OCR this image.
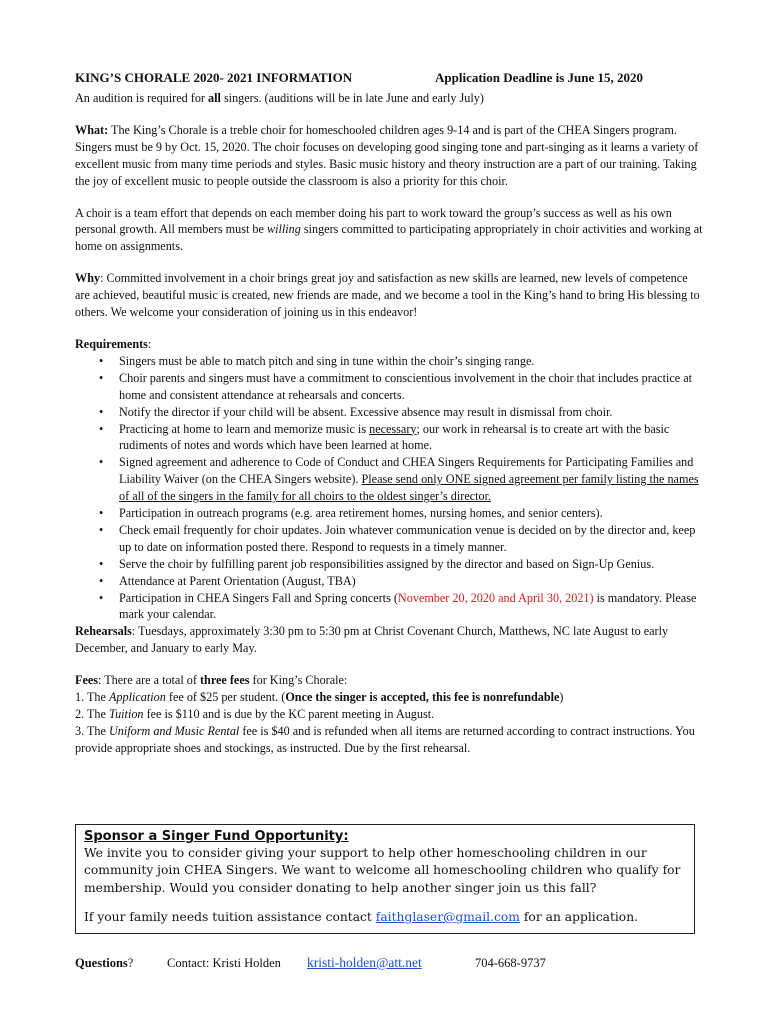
KING’S CHORALE 2020- 2021 INFORMATION	Application Deadline is June 15, 2020

An audition is required for all singers. (auditions will be in late June and early July)

What: The King’s Chorale is a treble choir for homeschooled children ages 9-14 and is part of the CHEA Singers program. Singers must be 9 by Oct. 15, 2020. The choir focuses on developing good singing tone and part-singing as it learns a variety of excellent music from many time periods and styles. Basic music history and theory instruction are a part of our training. Taking the joy of excellent music to people outside the classroom is also a priority for this choir.

A choir is a team effort that depends on each member doing his part to work toward the group’s success as well as his own personal growth. All members must be willing singers committed to participating appropriately in choir activities and working at home on assignments.

Why: Committed involvement in a choir brings great joy and satisfaction as new skills are learned, new levels of competence are achieved, beautiful music is created, new friends are made, and we become a tool in the King’s hand to bring His blessing to others. We welcome your consideration of joining us in this endeavor!

Requirements:
• Singers must be able to match pitch and sing in tune within the choir’s singing range.
• Choir parents and singers must have a commitment to conscientious involvement in the choir that includes practice at home and consistent attendance at rehearsals and concerts.
• Notify the director if your child will be absent. Excessive absence may result in dismissal from choir.
• Practicing at home to learn and memorize music is necessary; our work in rehearsal is to create art with the basic rudiments of notes and words which have been learned at home.
• Signed agreement and adherence to Code of Conduct and CHEA Singers Requirements for Participating Families and Liability Waiver (on the CHEA Singers website). Please send only ONE signed agreement per family listing the names of all of the singers in the family for all choirs to the oldest singer’s director.
• Participation in outreach programs (e.g. area retirement homes, nursing homes, and senior centers).
• Check email frequently for choir updates. Join whatever communication venue is decided on by the director and, keep up to date on information posted there. Respond to requests in a timely manner.
• Serve the choir by fulfilling parent job responsibilities assigned by the director and based on Sign-Up Genius.
• Attendance at Parent Orientation (August, TBA)
• Participation in CHEA Singers Fall and Spring concerts (November 20, 2020 and April 30, 2021) is mandatory. Please mark your calendar.

Rehearsals: Tuesdays, approximately 3:30 pm to 5:30 pm at Christ Covenant Church, Matthews, NC late August to early December, and January to early May.

Fees: There are a total of three fees for King’s Chorale:
1. The Application fee of $25 per student. (Once the singer is accepted, this fee is nonrefundable)
2. The Tuition fee is $110 and is due by the KC parent meeting in August.
3. The Uniform and Music Rental fee is $40 and is refunded when all items are returned according to contract instructions. You provide appropriate shoes and stockings, as instructed. Due by the first rehearsal.
Sponsor a Singer Fund Opportunity:
We invite you to consider giving your support to help other homeschooling children in our community join CHEA Singers. We want to welcome all homeschooling children who qualify for membership. Would you consider donating to help another singer join us this fall?
If your family needs tuition assistance contact faithglaser@gmail.com for an application.
Questions?	Contact: Kristi Holden kristi-holden@att.net	704-668-9737
